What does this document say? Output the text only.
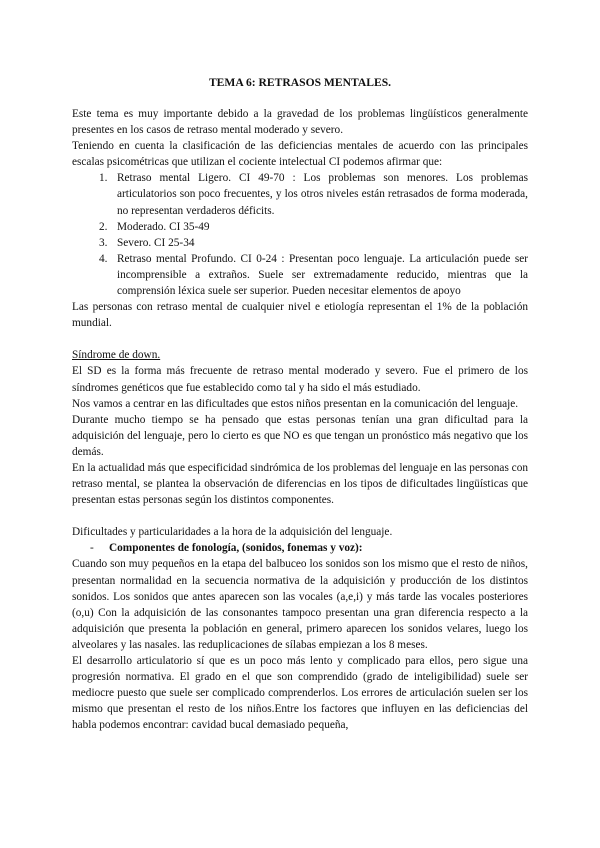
TEMA 6: RETRASOS MENTALES.

Este tema es muy importante debido a la gravedad de los problemas lingüísticos generalmente presentes en los casos de retraso mental moderado y severo.

Teniendo en cuenta la clasificación de las deficiencias mentales de acuerdo con las principales escalas psicométricas que utilizan el cociente intelectual CI podemos afirmar que:

1. Retraso mental Ligero. CI 49-70 : Los problemas son menores. Los problemas articulatorios son poco frecuentes, y los otros niveles están retrasados de forma moderada, no representan verdaderos déficits.
2. Moderado. CI 35-49
3. Severo. CI 25-34
4. Retraso mental Profundo. CI 0-24 : Presentan poco lenguaje. La articulación puede ser incomprensible a extraños. Suele ser extremadamente reducido, mientras que la comprensión léxica suele ser superior. Pueden necesitar elementos de apoyo

Las personas con retraso mental de cualquier nivel e etiología representan el 1% de la población mundial.

Síndrome de down.

El SD es la forma más frecuente de retraso mental moderado y severo. Fue el primero de los síndromes genéticos que fue establecido como tal y ha sido el más estudiado.

Nos vamos a centrar en las dificultades que estos niños presentan en la comunicación del lenguaje.

Durante mucho tiempo se ha pensado que estas personas tenían una gran dificultad para la adquisición del lenguaje, pero lo cierto es que NO es que tengan un pronóstico más negativo que los demás.

En la actualidad más que especificidad sindrómica de los problemas del lenguaje en las personas con retraso mental, se plantea la observación de diferencias en los tipos de dificultades lingüísticas que presentan estas personas según los distintos componentes.

Dificultades y particularidades a la hora de la adquisición del lenguaje.

- Componentes de fonología, (sonidos, fonemas y voz):

Cuando son muy pequeños en la etapa del balbuceo los sonidos son los mismo que el resto de niños, presentan normalidad en la secuencia normativa de la adquisición y producción de los distintos sonidos. Los sonidos que antes aparecen son las vocales (a,e,i) y más tarde las vocales posteriores (o,u) Con la adquisición de las consonantes tampoco presentan una gran diferencia respecto a la adquisición que presenta la población en general, primero aparecen los sonidos velares, luego los alveolares y las nasales. las reduplicaciones de sílabas empiezan a los 8 meses.

El desarrollo articulatorio sí que es un poco más lento y complicado para ellos, pero sigue una progresión normativa. El grado en el que son comprendido (grado de inteligibilidad) suele ser mediocre puesto que suele ser complicado comprenderlos. Los errores de articulación suelen ser los mismo que presentan el resto de los niños.Entre los factores que influyen en las deficiencias del habla podemos encontrar: cavidad bucal demasiado pequeña,
